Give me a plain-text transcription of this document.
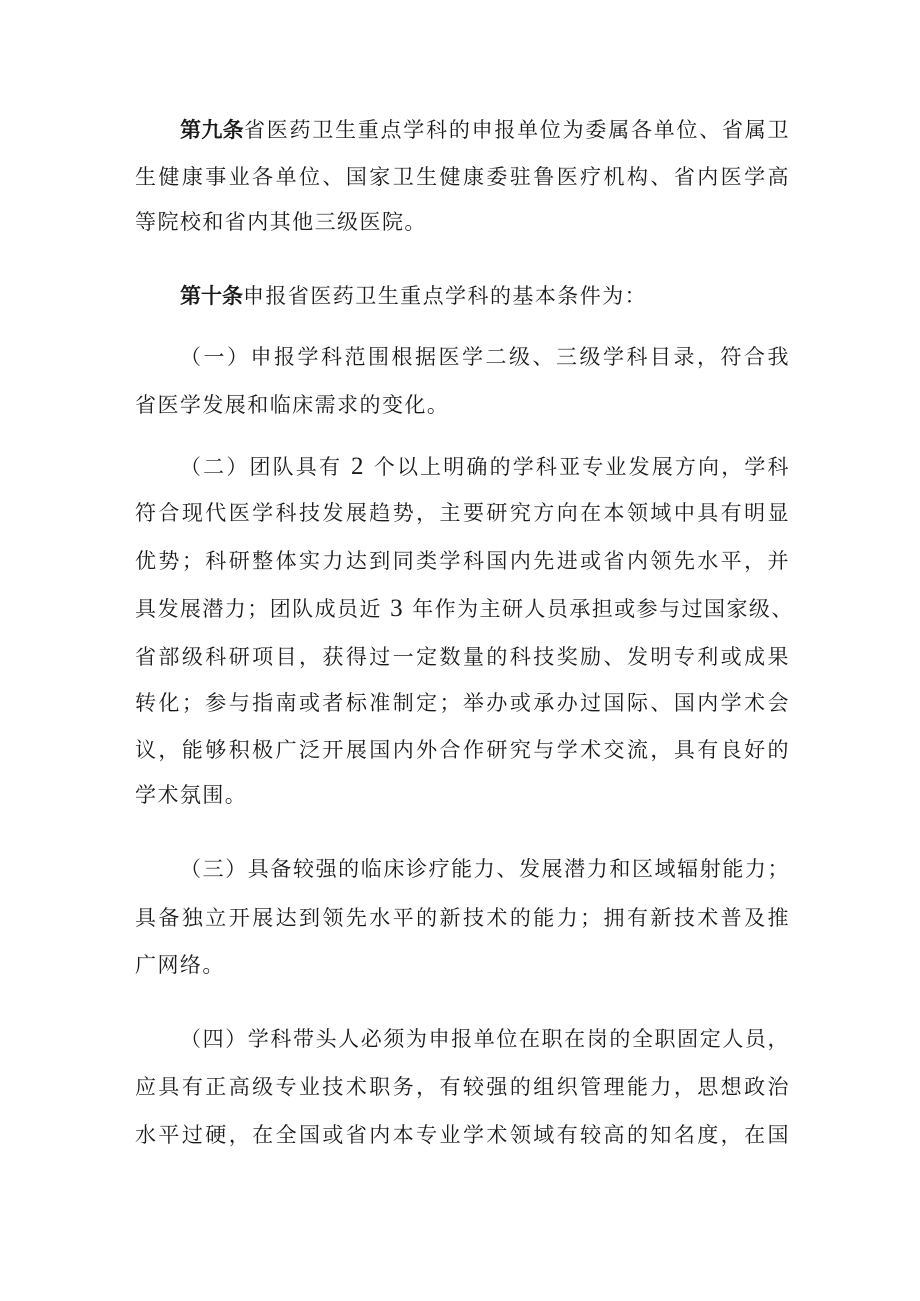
第九条省医药卫生重点学科的申报单位为委属各单位、省属卫
生健康事业各单位、国家卫生健康委驻鲁医疗机构、省内医学高
等院校和省内其他三级医院。
第十条申报省医药卫生重点学科的基本条件为：
（一）申报学科范围根据医学二级、三级学科目录，符合我
省医学发展和临床需求的变化。
（二）团队具有 2 个以上明确的学科亚专业发展方向，学科
符合现代医学科技发展趋势，主要研究方向在本领域中具有明显
优势；科研整体实力达到同类学科国内先进或省内领先水平，并
具发展潜力；团队成员近 3 年作为主研人员承担或参与过国家级、
省部级科研项目，获得过一定数量的科技奖励、发明专利或成果
转化；参与指南或者标准制定；举办或承办过国际、国内学术会
议，能够积极广泛开展国内外合作研究与学术交流，具有良好的
学术氛围。
（三）具备较强的临床诊疗能力、发展潜力和区域辐射能力；
具备独立开展达到领先水平的新技术的能力；拥有新技术普及推
广网络。
（四）学科带头人必须为申报单位在职在岗的全职固定人员，
应具有正高级专业技术职务，有较强的组织管理能力，思想政治
水平过硬，在全国或省内本专业学术领域有较高的知名度，在国
